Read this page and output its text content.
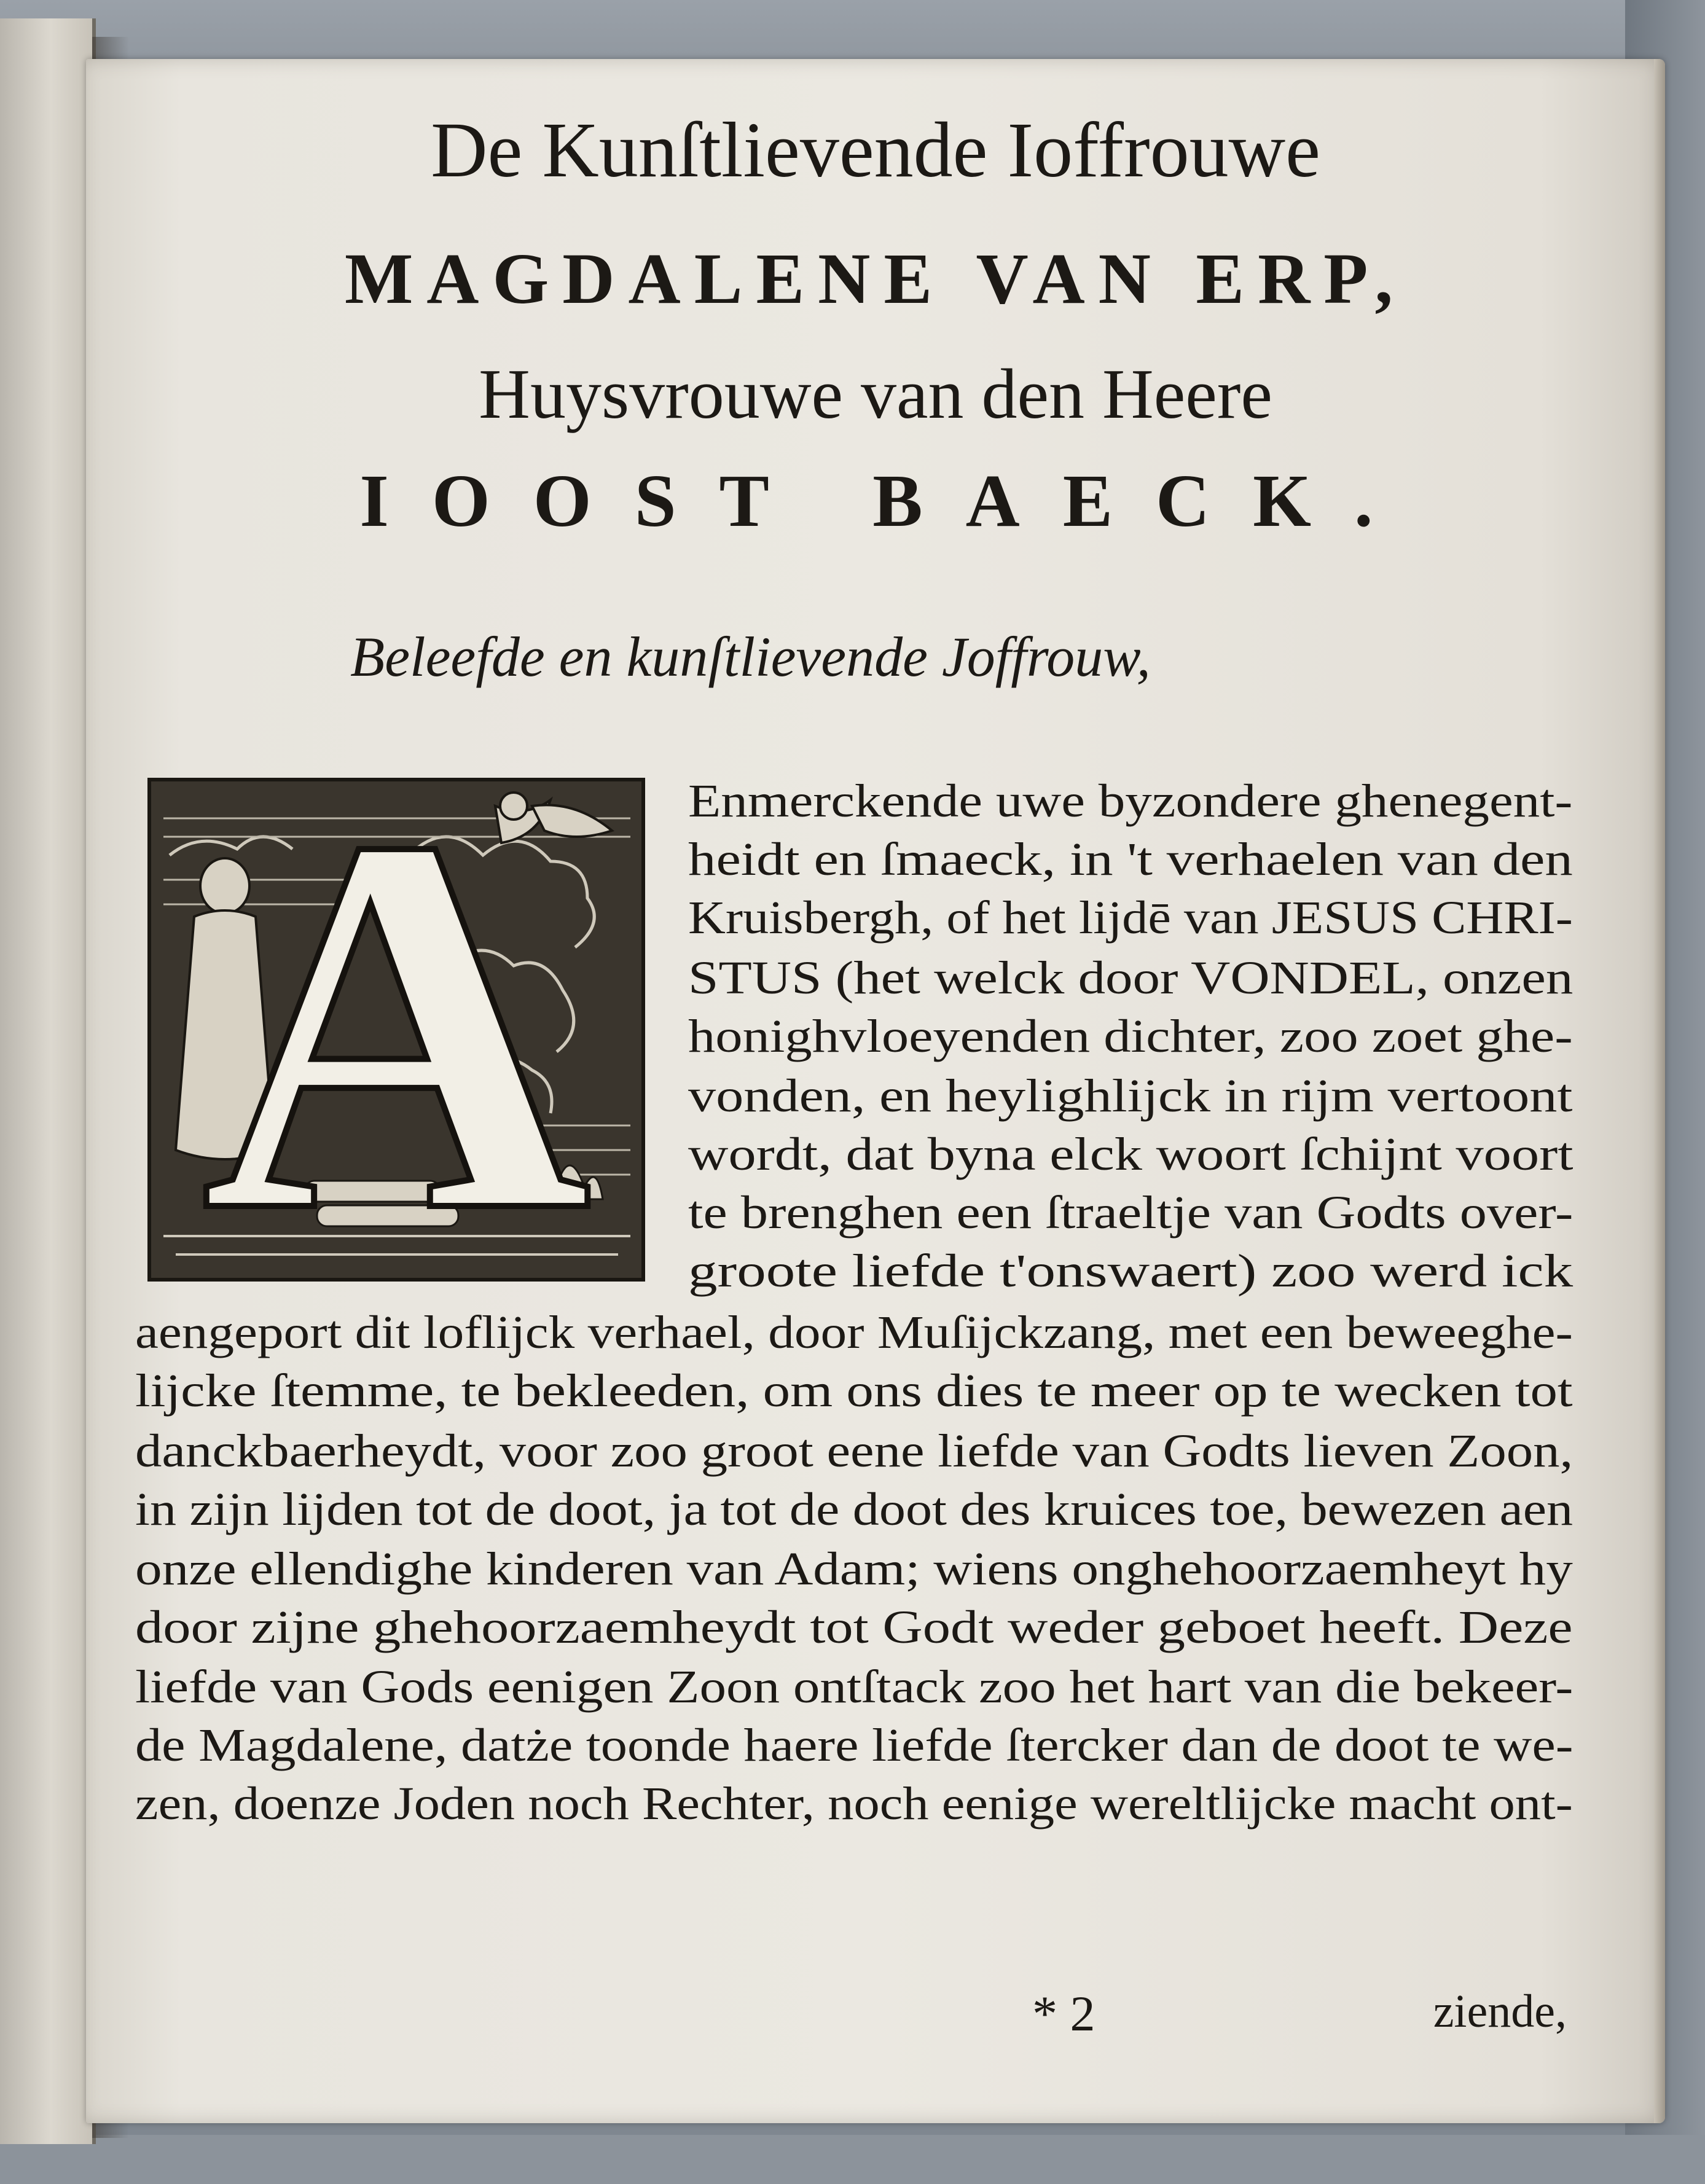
De Kunſtlievende Ioffrouwe
MAGDALENE VAN ERP,
Huysvrouwe van den Heere
IOOST BAECK.
Beleefde en kunſtlievende Joffrouw,
A	Enmerckende uwe byzondere ghenegent-
heidt en ſmaeck, in 't verhaelen van den
Kruisbergh, of het lijdē van JESUS CHRI-
STUS (het welck door VONDEL, onzen
honighvloeyenden dichter, zoo zoet ghe-
vonden, en heylighlijck in rijm vertoont
wordt, dat byna elck woort ſchijnt voort
te brenghen een ſtraeltje van Godts over-
groote liefde t'onswaert) zoo werd ick
aengeport dit loflijck verhael, door Muſijckzang, met een beweeghe-
lijcke ſtemme, te bekleeden, om ons dies te meer op te wecken tot
danckbaerheydt, voor zoo groot eene liefde van Godts lieven Zoon,
in zijn lijden tot de doot, ja tot de doot des kruices toe, bewezen aen
onze ellendighe kinderen van Adam; wiens onghehoorzaemheyt hy
door zijne ghehoorzaemheydt tot Godt weder geboet heeft. Deze
liefde van Gods eenigen Zoon ontſtack zoo het hart van die bekeer-
de Magdalene, datże toonde haere liefde ſtercker dan de doot te we-
zen, doenze Joden noch Rechter, noch eenige wereltlijcke macht ont-
* 2	ziende,
